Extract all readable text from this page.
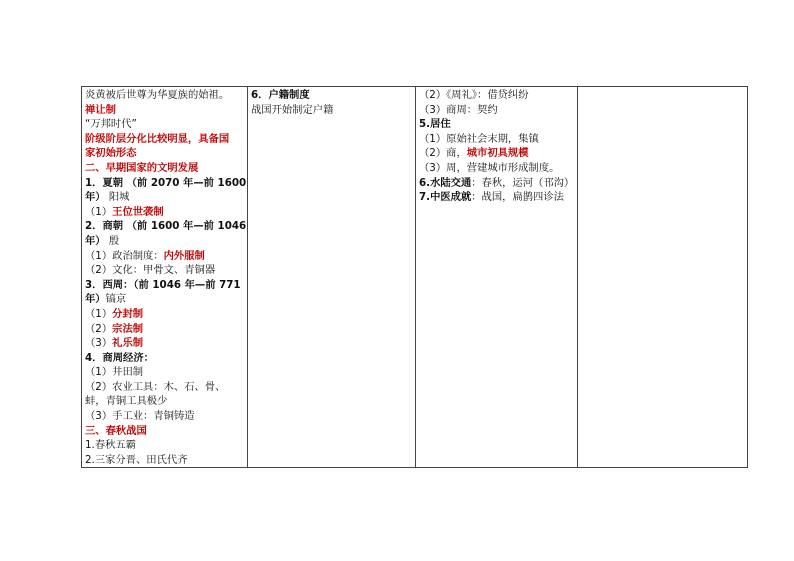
炎黄被后世尊为华夏族的始祖。
禅让制
“万邦时代”
阶级阶层分化比较明显，具备国
家初始形态
二、早期国家的文明发展
1．夏朝 （前 2070 年—前 1600
年） 阳城
（1）王位世袭制
2．商朝 （前 1600 年—前 1046
年） 殷
（1）政治制度：内外服制
（2）文化：甲骨文、青铜器
3．西周：（前 1046 年—前 771
年）镐京
（1）分封制
（2）宗法制
（3）礼乐制
4．商周经济：
（1）井田制
（2）农业工具：木、石、骨、
蚌，青铜工具极少
（3）手工业：青铜铸造
三、春秋战国
1.春秋五霸
2.三家分晋、田氏代齐

6．户籍制度
战国开始制定户籍

（2）《周礼》：借贷纠纷
（3）商周：契约
5.居住
（1）原始社会末期，集镇
（2）商，城市初具规模
（3）周，营建城市形成制度。
6.水陆交通：春秋，运河（邗沟）
7.中医成就：战国，扁鹊四诊法
